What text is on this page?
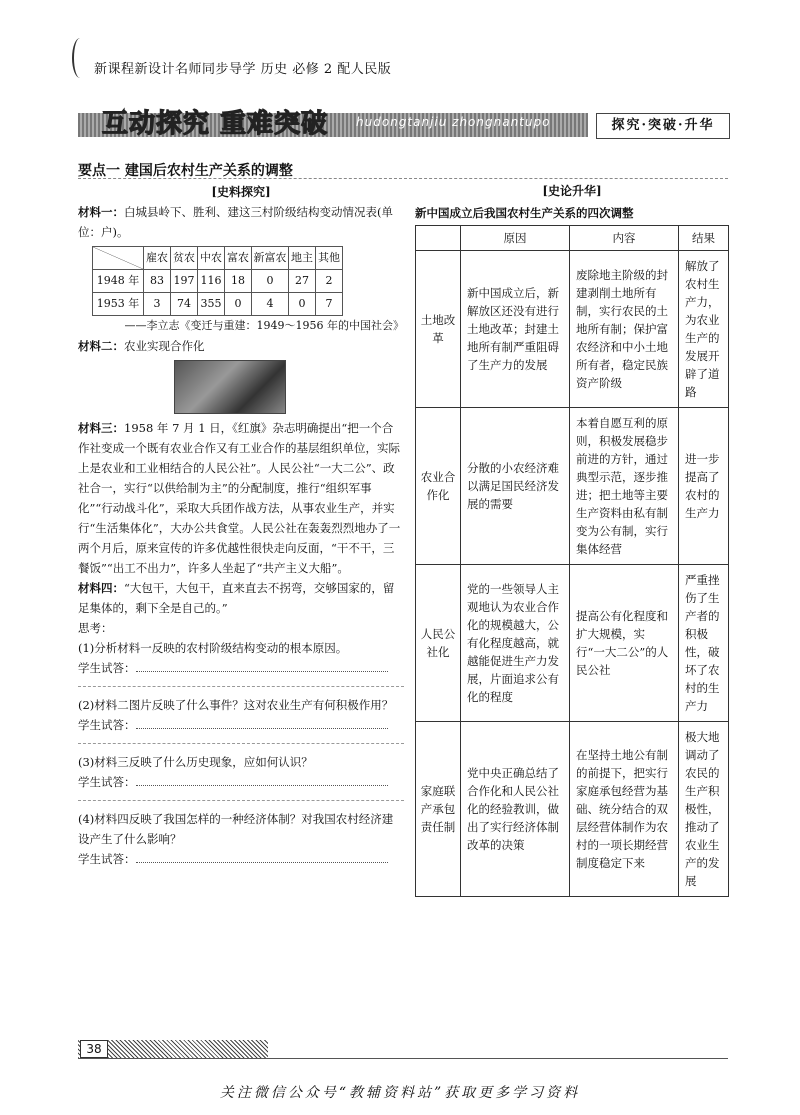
新课程新设计名师同步导学 历史 必修 2 配人民版
互动探究 重难突破 hudongtanjiu zhongnantupo	探究·突破·升华
要点一 建国后农村生产关系的调整
[史料探究]

材料一：白城县岭下、胜利、建这三村阶级结构变动情况表(单位：户)。

	雇农	贫农	中农	富农	新富农	地主	其他
1948 年	83	197	116	18	0	27	2
1953 年	3	74	355	0	4	0	7
——李立志《变迁与重建：1949～1956 年的中国社会》

材料二：农业实现合作化

材料三：1958 年 7 月 1 日，《红旗》杂志明确提出“把一个合作社变成一个既有农业合作又有工业合作的基层组织单位，实际上是农业和工业相结合的人民公社”。人民公社“一大二公”、政社合一，实行“以供给制为主”的分配制度，推行“组织军事化”“行动战斗化”，采取大兵团作战方法，从事农业生产，并实行“生活集体化”，大办公共食堂。人民公社在轰轰烈烈地办了一两个月后，原来宣传的许多优越性很快走向反面，“干不干，三餐饭”“出工不出力”，许多人坐起了“共产主义大船”。

材料四：“大包干，大包干，直来直去不拐弯，交够国家的，留足集体的，剩下全是自己的。”

思考：

(1)分析材料一反映的农村阶级结构变动的根本原因。

学生试答：

(2)材料二图片反映了什么事件？这对农业生产有何积极作用？

学生试答：

(3)材料三反映了什么历史现象，应如何认识？

学生试答：

(4)材料四反映了我国怎样的一种经济体制？对我国农村经济建设产生了什么影响？

学生试答：

[史论升华]
新中国成立后我国农村生产关系的四次调整
	原因	内容	结果
土地改革	新中国成立后，新解放区还没有进行土地改革；封建土地所有制严重阻碍了生产力的发展	废除地主阶级的封建剥削土地所有制，实行农民的土地所有制；保护富农经济和中小土地所有者，稳定民族资产阶级	解放了农村生产力，为农业生产的发展开辟了道路
农业合作化	分散的小农经济难以满足国民经济发展的需要	本着自愿互利的原则，积极发展稳步前进的方针，通过典型示范，逐步推进；把土地等主要生产资料由私有制变为公有制，实行集体经营	进一步提高了农村的生产力
人民公社化	党的一些领导人主观地认为农业合作化的规模越大，公有化程度越高，就越能促进生产力发展，片面追求公有化的程度	提高公有化程度和扩大规模，实行“一大二公”的人民公社	严重挫伤了生产者的积极性，破坏了农村的生产力
家庭联产承包责任制	党中央正确总结了合作化和人民公社化的经验教训，做出了实行经济体制改革的决策	在坚持土地公有制的前提下，把实行家庭承包经营为基础、统分结合的双层经营体制作为农村的一项长期经营制度稳定下来	极大地调动了农民的生产积极性，推动了农业生产的发展
38
关注微信公众号“教辅资料站”获取更多学习资料
